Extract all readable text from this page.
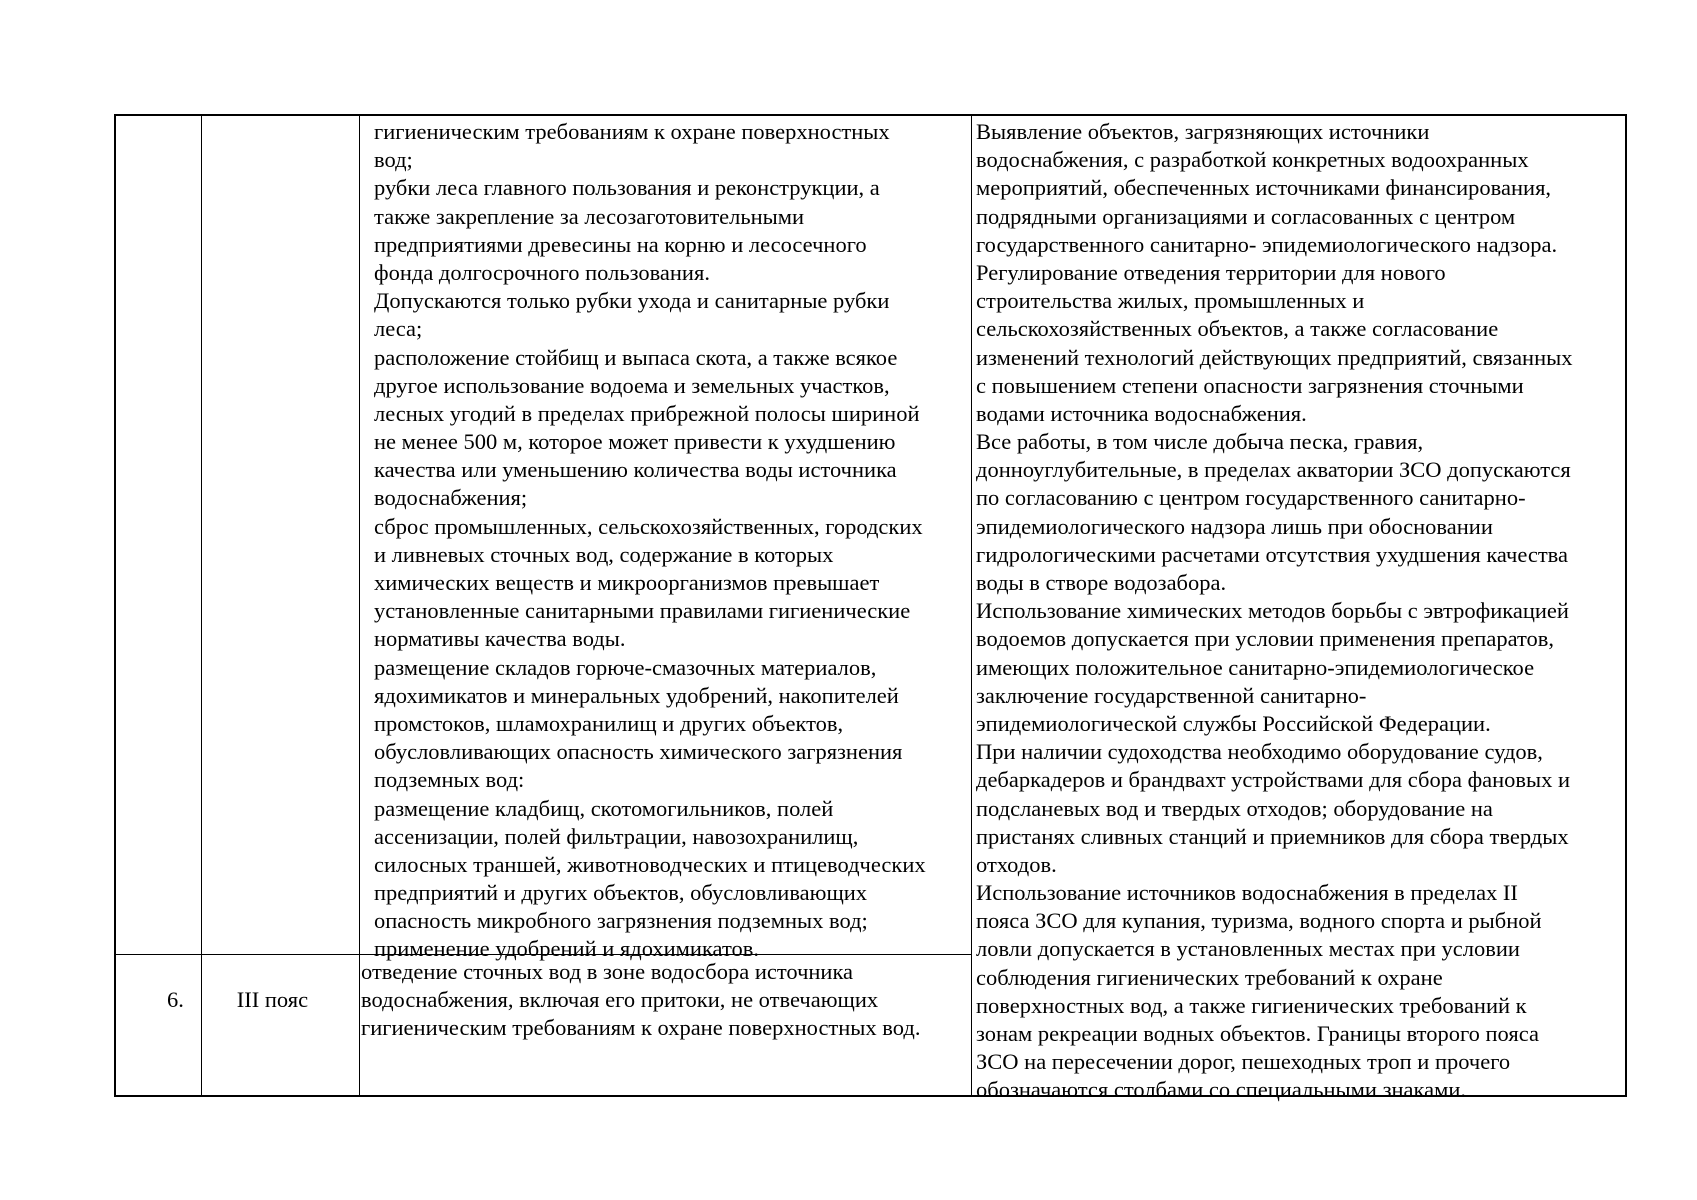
гигиеническим требованиям к охране поверхностных
вод;
рубки леса главного пользования и реконструкции, а
также закрепление за лесозаготовительными
предприятиями древесины на корню и лесосечного
фонда долгосрочного пользования.
Допускаются только рубки ухода и санитарные рубки
леса;
расположение стойбищ и выпаса скота, а также всякое
другое использование водоема и земельных участков,
лесных угодий в пределах прибрежной полосы шириной
не менее 500 м, которое может привести к ухудшению
качества или уменьшению количества воды источника
водоснабжения;
сброс промышленных, сельскохозяйственных, городских
и ливневых сточных вод, содержание в которых
химических веществ и микроорганизмов превышает
установленные санитарными правилами гигиенические
нормативы качества воды.
размещение складов горюче-смазочных материалов,
ядохимикатов и минеральных удобрений, накопителей
промстоков, шламохранилищ и других объектов,
обусловливающих опасность химического загрязнения
подземных вод:
размещение кладбищ, скотомогильников, полей
ассенизации, полей фильтрации, навозохранилищ,
силосных траншей, животноводческих и птицеводческих
предприятий и других объектов, обусловливающих
опасность микробного загрязнения подземных вод;
применение удобрений и ядохимикатов.
Выявление объектов, загрязняющих источники
водоснабжения, с разработкой конкретных водоохранных
мероприятий, обеспеченных источниками финансирования,
подрядными организациями и согласованных с центром
государственного санитарно- эпидемиологического надзора.
Регулирование отведения территории для нового
строительства жилых, промышленных и
сельскохозяйственных объектов, а также согласование
изменений технологий действующих предприятий, связанных
с повышением степени опасности загрязнения сточными
водами источника водоснабжения.
Все работы, в том числе добыча песка, гравия,
донноуглубительные, в пределах акватории ЗСО допускаются
по согласованию с центром государственного санитарно-
эпидемиологического надзора лишь при обосновании
гидрологическими расчетами отсутствия ухудшения качества
воды в створе водозабора.
Использование химических методов борьбы с эвтрофикацией
водоемов допускается при условии применения препаратов,
имеющих положительное санитарно-эпидемиологическое
заключение государственной санитарно-
эпидемиологической службы Российской Федерации.
При наличии судоходства необходимо оборудование судов,
дебаркадеров и брандвахт устройствами для сбора фановых и
подсланевых вод и твердых отходов; оборудование на
пристанях сливных станций и приемников для сбора твердых
отходов.
Использование источников водоснабжения в пределах II
пояса ЗСО для купания, туризма, водного спорта и рыбной
ловли допускается в установленных местах при условии
соблюдения гигиенических требований к охране
поверхностных вод, а также гигиенических требований к
зонам рекреации водных объектов. Границы второго пояса
ЗСО на пересечении дорог, пешеходных троп и прочего
обозначаются столбами со специальными знаками.

6.
	III пояс

отведение сточных вод в зоне водосбора источника
водоснабжения, включая его притоки, не отвечающих
гигиеническим требованиям к охране поверхностных вод.
